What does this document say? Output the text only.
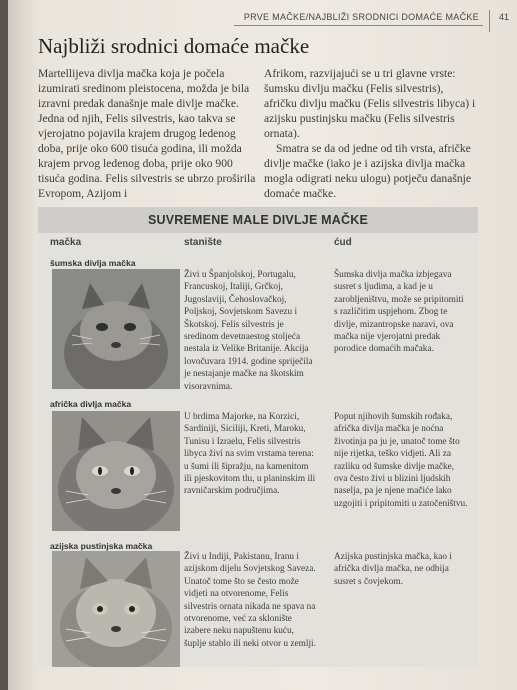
PRVE MAČKE/NAJBLIŽI SRODNICI DOMAĆE MAČKE 41
Najbliži srodnici domaće mačke

Martellijeva divlja mačka koja je počela izumirati sredinom pleistocena, možda je bila izravni predak današnje male divlje mačke. Jedna od njih, Felis silvestris, kao takva se vjerojatno pojavila krajem drugog ledenog doba, prije oko 600 tisuća godina, ili možda krajem prvog ledenog doba, prije oko 900 tisuća godina. Felis silvestris se ubrzo proširila Evropom, Azijom i

Afrikom, razvijajući se u tri glavne vrste: šumsku divlju mačku (Felis silvestris), afričku divlju mačku (Felis silvestris libyca) i azijsku pustinjsku mačku (Felis silvestris ornata).

Smatra se da od jedne od tih vrsta, afričke divlje mačke (iako je i azijska divlja mačka mogla odigrati neku ulogu) potječu današnje domaće mačke.

SUVREMENE MALE DIVLJE MAČKE
mačka	stanište	ćud
šumska divlja mačka
Živi u Španjolskoj, Portugalu, Francuskoj, Italiji, Grčkoj, Jugoslaviji, Čehoslovačkoj, Poljskoj, Sovjetskom Savezu i Škotskoj. Felis silvestris je sredinom devetnaestog stoljeća nestala iz Velike Britanije. Akcija lovočuvara 1914. godine spriječila je nestajanje mačke na škotskim visoravnima.
Šumska divlja mačka izbjegava susret s ljudima, a kad je u zarobljeništvu, može se pripitomiti s različitim uspjehom. Zbog te divlje, mizantropske naravi, ova mačka nije vjerojatni predak porodice domaćih mačaka.
afrička divlja mačka
U brdima Majorke, na Korzici, Sardiniji, Siciliji, Kreti, Maroku, Tunisu i Izraelu, Felis silvestris libyca živi na svim vrstama terena: u šumi ili šipražju, na kamenitom ili pjeskovitom tlu, u planinskim ili ravničarskim područjima.
Poput njihovih šumskih rođaka, afrička divlja mačka je noćna životinja pa ju je, unatoč tome što nije rijetka, teško vidjeti. Ali za razliku od šumske divlje mačke, ova često živi u blizini ljudskih naselja, pa je njene mačiće lako uzgojiti i pripitomiti u zatočeništvu.
azijska pustinjska mačka
Živi u Indiji, Pakistanu, Iranu i azijskom dijelu Sovjetskog Saveza. Unatoč tome što se često može vidjeti na otvorenome, Felis silvestris ornata nikada ne spava na otvorenome, već za sklonište izabere neku napuštenu kuću, šuplje stablo ili neki otvor u zemlji.
Azijska pustinjska mačka, kao i afrička divlja mačka, ne odbija susret s čovjekom.
